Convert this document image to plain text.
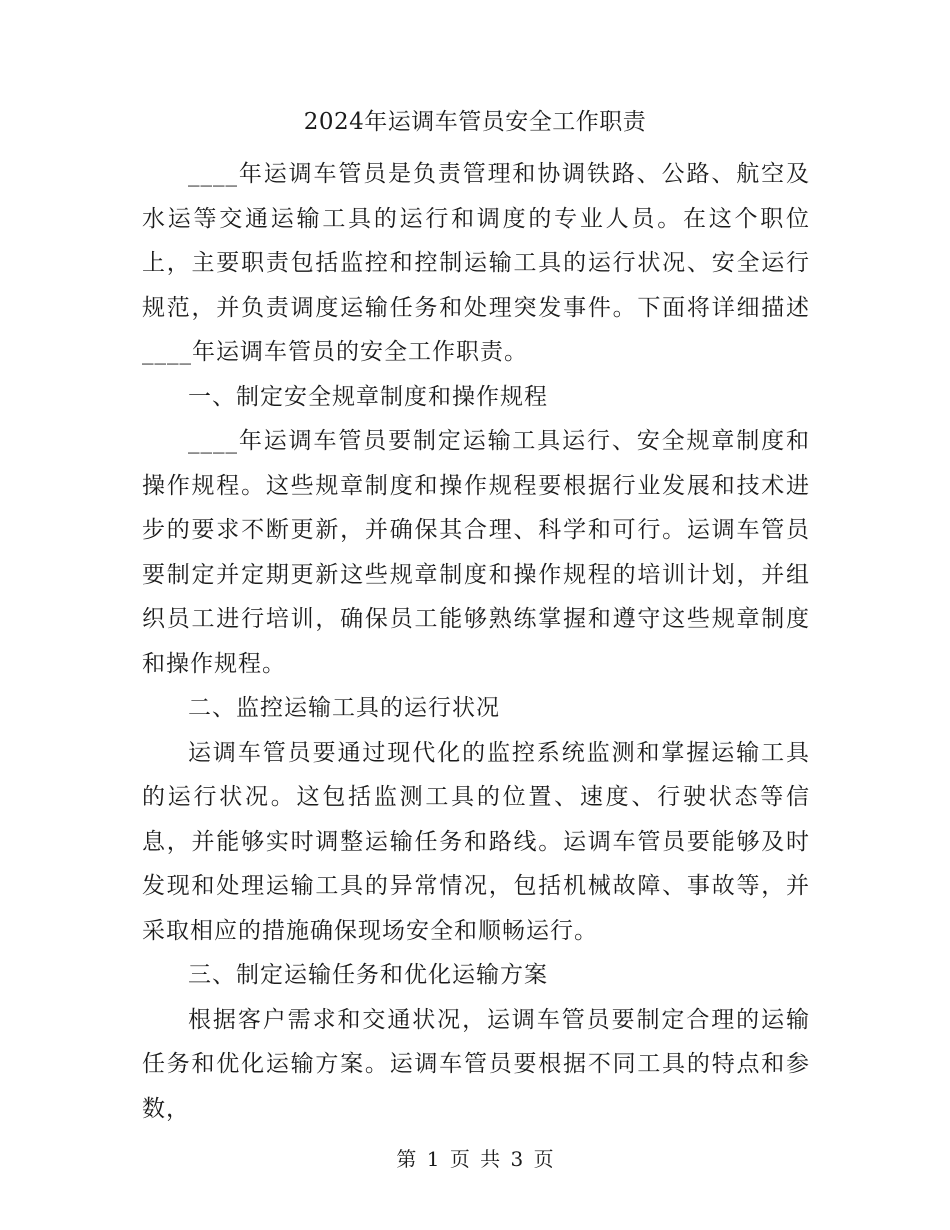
2024年运调车管员安全工作职责

____年运调车管员是负责管理和协调铁路、公路、航空及水运等交通运输工具的运行和调度的专业人员。在这个职位上，主要职责包括监控和控制运输工具的运行状况、安全运行规范，并负责调度运输任务和处理突发事件。下面将详细描述____年运调车管员的安全工作职责。

一、制定安全规章制度和操作规程

____年运调车管员要制定运输工具运行、安全规章制度和操作规程。这些规章制度和操作规程要根据行业发展和技术进步的要求不断更新，并确保其合理、科学和可行。运调车管员要制定并定期更新这些规章制度和操作规程的培训计划，并组织员工进行培训，确保员工能够熟练掌握和遵守这些规章制度和操作规程。

二、监控运输工具的运行状况

运调车管员要通过现代化的监控系统监测和掌握运输工具的运行状况。这包括监测工具的位置、速度、行驶状态等信息，并能够实时调整运输任务和路线。运调车管员要能够及时发现和处理运输工具的异常情况，包括机械故障、事故等，并采取相应的措施确保现场安全和顺畅运行。

三、制定运输任务和优化运输方案

根据客户需求和交通状况，运调车管员要制定合理的运输任务和优化运输方案。运调车管员要根据不同工具的特点和参数，

第 1 页 共 3 页
